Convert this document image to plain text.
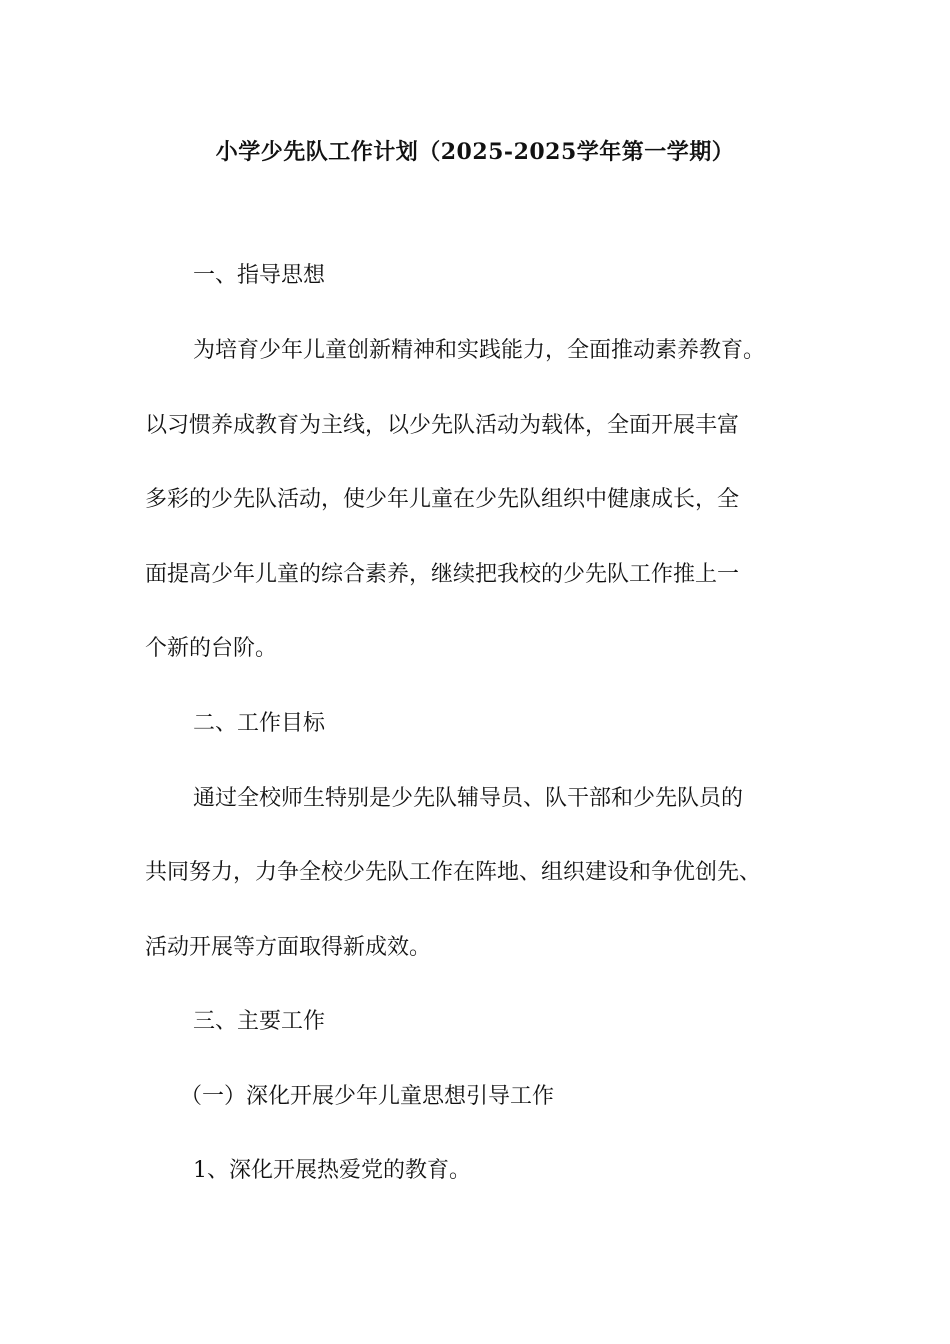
小学少先队工作计划（2025-2025学年第一学期）
一、指导思想
为培育少年儿童创新精神和实践能力，全面推动素养教育。
以习惯养成教育为主线，以少先队活动为载体，全面开展丰富
多彩的少先队活动，使少年儿童在少先队组织中健康成长，全
面提高少年儿童的综合素养，继续把我校的少先队工作推上一
个新的台阶。
二、工作目标
通过全校师生特别是少先队辅导员、队干部和少先队员的
共同努力，力争全校少先队工作在阵地、组织建设和争优创先、
活动开展等方面取得新成效。
三、主要工作
（一）深化开展少年儿童思想引导工作
1、深化开展热爱党的教育。
